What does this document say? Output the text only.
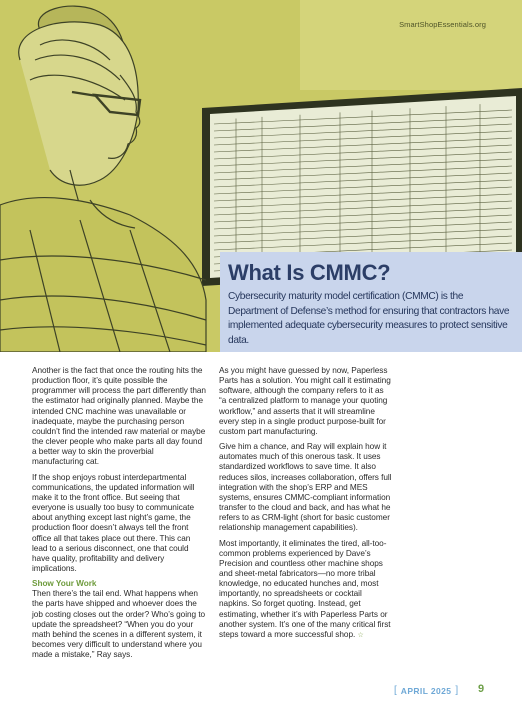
SmartShopEssentials.org
What Is CMMC?

Cybersecurity maturity model certification (CMMC) is the Department of Defense’s method for ensuring that contractors have implemented adequate cybersecurity measures to protect sensitive data.

Another is the fact that once the routing hits the production floor, it’s quite possible the programmer will process the part differently than the estimator had originally planned. Maybe the intended CNC machine was unavailable or inadequate, maybe the purchasing person couldn’t find the intended raw material or maybe the clever people who make parts all day found a better way to skin the proverbial manufacturing cat.

If the shop enjoys robust interdepartmental communications, the updated information will make it to the front office. But seeing that everyone is usually too busy to communicate about anything except last night’s game, the production floor doesn’t always tell the front office all that takes place out there. This can lead to a serious disconnect, one that could have quality, profitability and delivery implications.

Show Your Work

Then there’s the tail end. What happens when the parts have shipped and whoever does the job costing closes out the order? Who’s going to update the spreadsheet? “When you do your math behind the scenes in a different system, it becomes very difficult to understand where you made a mistake,” Ray says.

As you might have guessed by now, Paperless Parts has a solution. You might call it estimating software, although the company refers to it as “a centralized platform to manage your quoting workflow,” and asserts that it will streamline every step in a single product purpose-built for custom part manufacturing.

Give him a chance, and Ray will explain how it automates much of this onerous task. It uses standardized workflows to save time. It also reduces silos, increases collaboration, offers full integration with the shop’s ERP and MES systems, ensures CMMC-compliant information transfer to the cloud and back, and has what he refers to as CRM-light (short for basic customer relationship management capabilities).

Most importantly, it eliminates the tired, all-too-common problems experienced by Dave’s Precision and countless other machine shops and sheet-metal fabricators—no more tribal knowledge, no educated hunches and, most importantly, no spreadsheets or cocktail napkins. So forget quoting. Instead, get estimating, whether it’s with Paperless Parts or another system. It’s one of the many critical first steps toward a more successful shop. ☆

[ APRIL 2025 ] 9
